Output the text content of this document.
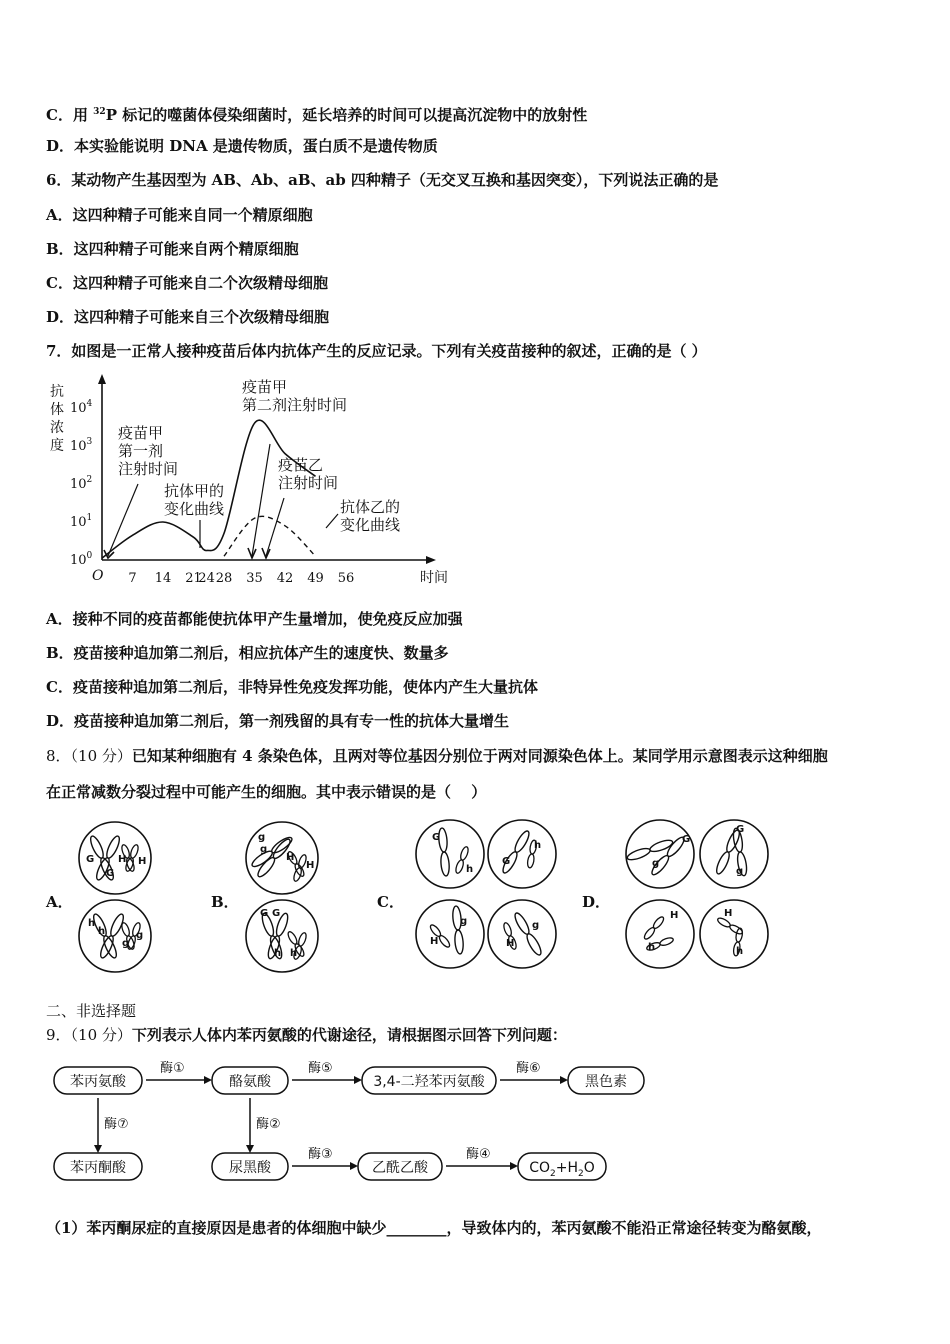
C．用 $^{32}$P 标记的噬菌体侵染细菌时，延长培养的时间可以提高沉淀物中的放射性
D．本实验能说明 DNA 是遗传物质，蛋白质不是遗传物质
6．某动物产生基因型为 AB、Ab、aB、ab 四种精子（无交叉互换和基因突变），下列说法正确的是
A．这四种精子可能来自同一个精原细胞
B．这四种精子可能来自两个精原细胞
C．这四种精子可能来自二个次级精母细胞
D．这四种精子可能来自三个次级精母细胞
7．如图是一正常人接种疫苗后体内抗体产生的反应记录。下列有关疫苗接种的叙述，正确的是（ ）
抗
体
浓
度
$10^0$
$10^1$
$10^2$
$10^3$
$10^4$
7 14 21
24 28 35 42 49 56
O	时间
疫苗甲
第一剂
注射时间
抗体甲的
变化曲线
疫苗甲
第二剂注射时间
疫苗乙
注射时间
抗体乙的
变化曲线
A．接种不同的疫苗都能使抗体甲产生量增加，使免疫反应加强
B．疫苗接种追加第二剂后，相应抗体产生的速度快、数量多
C．疫苗接种追加第二剂后，非特异性免疫发挥功能，使体内产生大量抗体
D．疫苗接种追加第二剂后，第一剂残留的具有专一性的抗体大量增生
8．（10 分）已知某种细胞有 4 条染色体，且两对等位基因分别位于两对同源染色体上。某同学用示意图表示这种细胞
在正常减数分裂过程中可能产生的细胞。其中表示错误的是（　 ）
A．	B．	C．	D．
G
G
H H
h
h	g
g
g
g
H
H
G G
h h
G
h
G
h
g
H
g
H
G
g
G
g
H
h
H
h
二、非选择题
9．（10 分）下列表示人体内苯丙氨酸的代谢途径，请根据图示回答下列问题：
苯丙氨酸	酪氨酸	3,4-二羟苯丙氨酸	黑色素
苯丙酮酸	尿黑酸	乙酰乙酸	$CO_2+H_2O$
酶①	酶⑤	酶⑥
酶⑦	酶②
酶③	酶④
（1）苯丙酮尿症的直接原因是患者的体细胞中缺少________，导致体内的，苯丙氨酸不能沿正常途径转变为酪氨酸，
